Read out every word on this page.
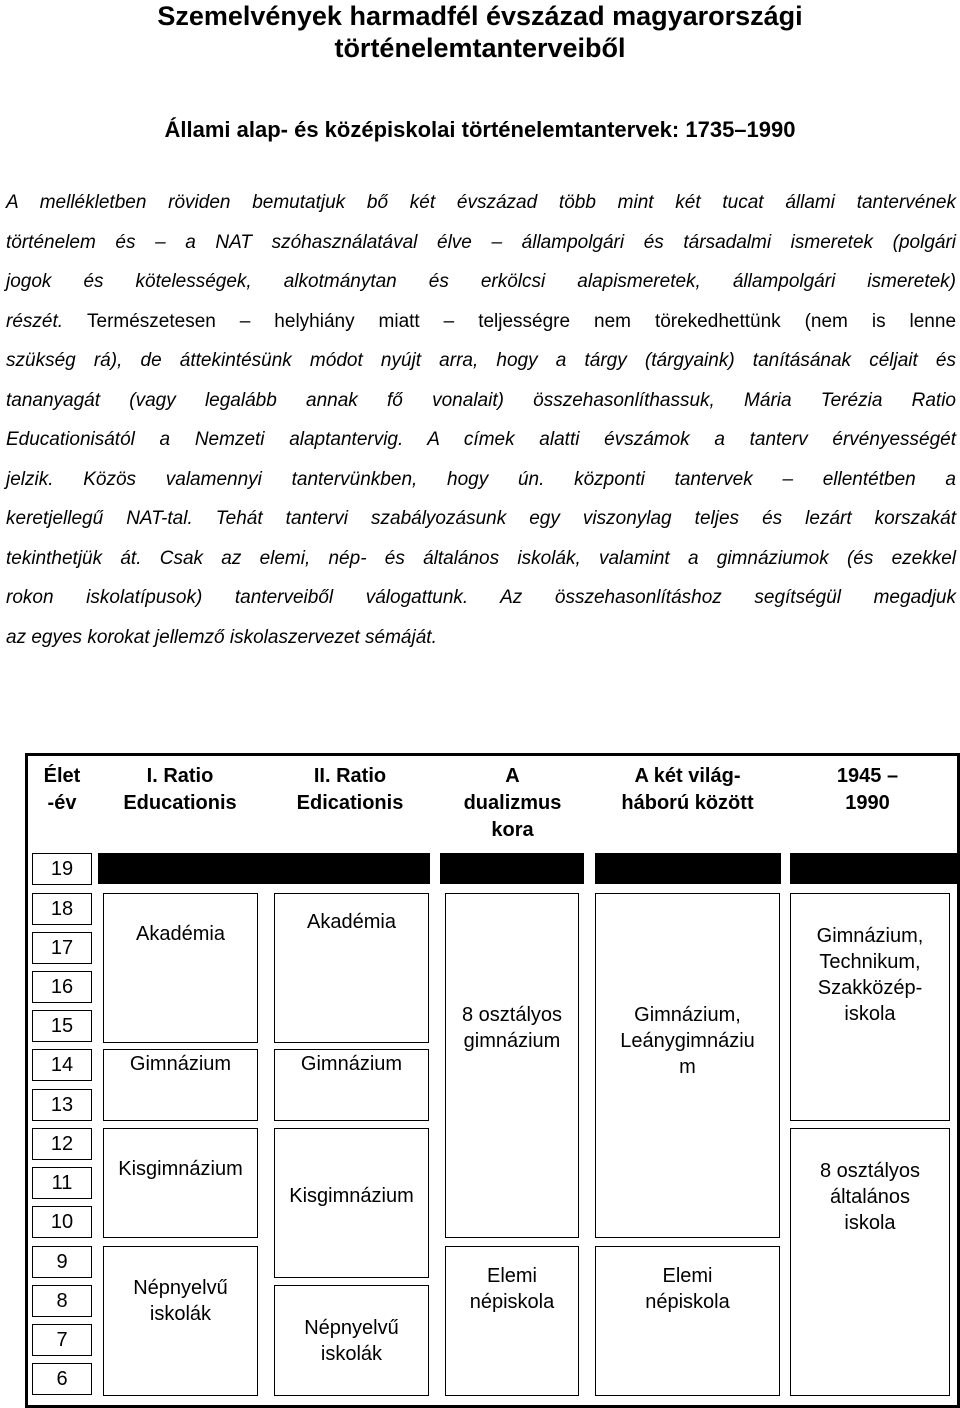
Szemelvények harmadfél évszázad magyarországi
történelemtanterveiből
Állami alap- és középiskolai történelemtantervek: 1735–1990
A mellékletben röviden bemutatjuk bő két évszázad több mint két tucat állami tantervének
történelem és – a NAT szóhasználatával élve – állampolgári és társadalmi ismeretek (polgári
jogok és kötelességek, alkotmánytan és erkölcsi alapismeretek, állampolgári ismeretek)
részét. Természetesen – helyhiány miatt – teljességre nem törekedhettünk (nem is lenne
szükség rá), de áttekintésünk módot nyújt arra, hogy a tárgy (tárgyaink) tanításának céljait és
tananyagát (vagy legalább annak fő vonalait) összehasonlíthassuk, Mária Terézia Ratio
Educationisától a Nemzeti alaptantervig. A címek alatti évszámok a tanterv érvényességét
jelzik. Közös valamennyi tantervünkben, hogy ún. központi tantervek – ellentétben a
keretjellegű NAT-tal. Tehát tantervi szabályozásunk egy viszonylag teljes és lezárt korszakát
tekinthetjük át. Csak az elemi, nép- és általános iskolák, valamint a gimnáziumok (és ezekkel
rokon iskolatípusok) tanterveiből válogattunk. Az összehasonlításhoz segítségül megadjuk
az egyes korokat jellemző iskolaszervezet sémáját.
Élet
-év
I. Ratio
Educationis
II. Ratio
Edicationis
A
dualizmus
kora
A két világ-
háború között
1945 –
1990
19
18
17
16
15
14
13
12
11
10
9
8
7
6
Akadémia
Gimnázium
Kisgimnázium
Népnyelvű
iskolák
Akadémia
Gimnázium
Kisgimnázium
Népnyelvű
iskolák
8 osztályos
gimnázium
Elemi
népiskola
Gimnázium,
Leánygimnáziu
m
Elemi
népiskola
Gimnázium,
Technikum,
Szakközép-
iskola
8 osztályos
általános
iskola
